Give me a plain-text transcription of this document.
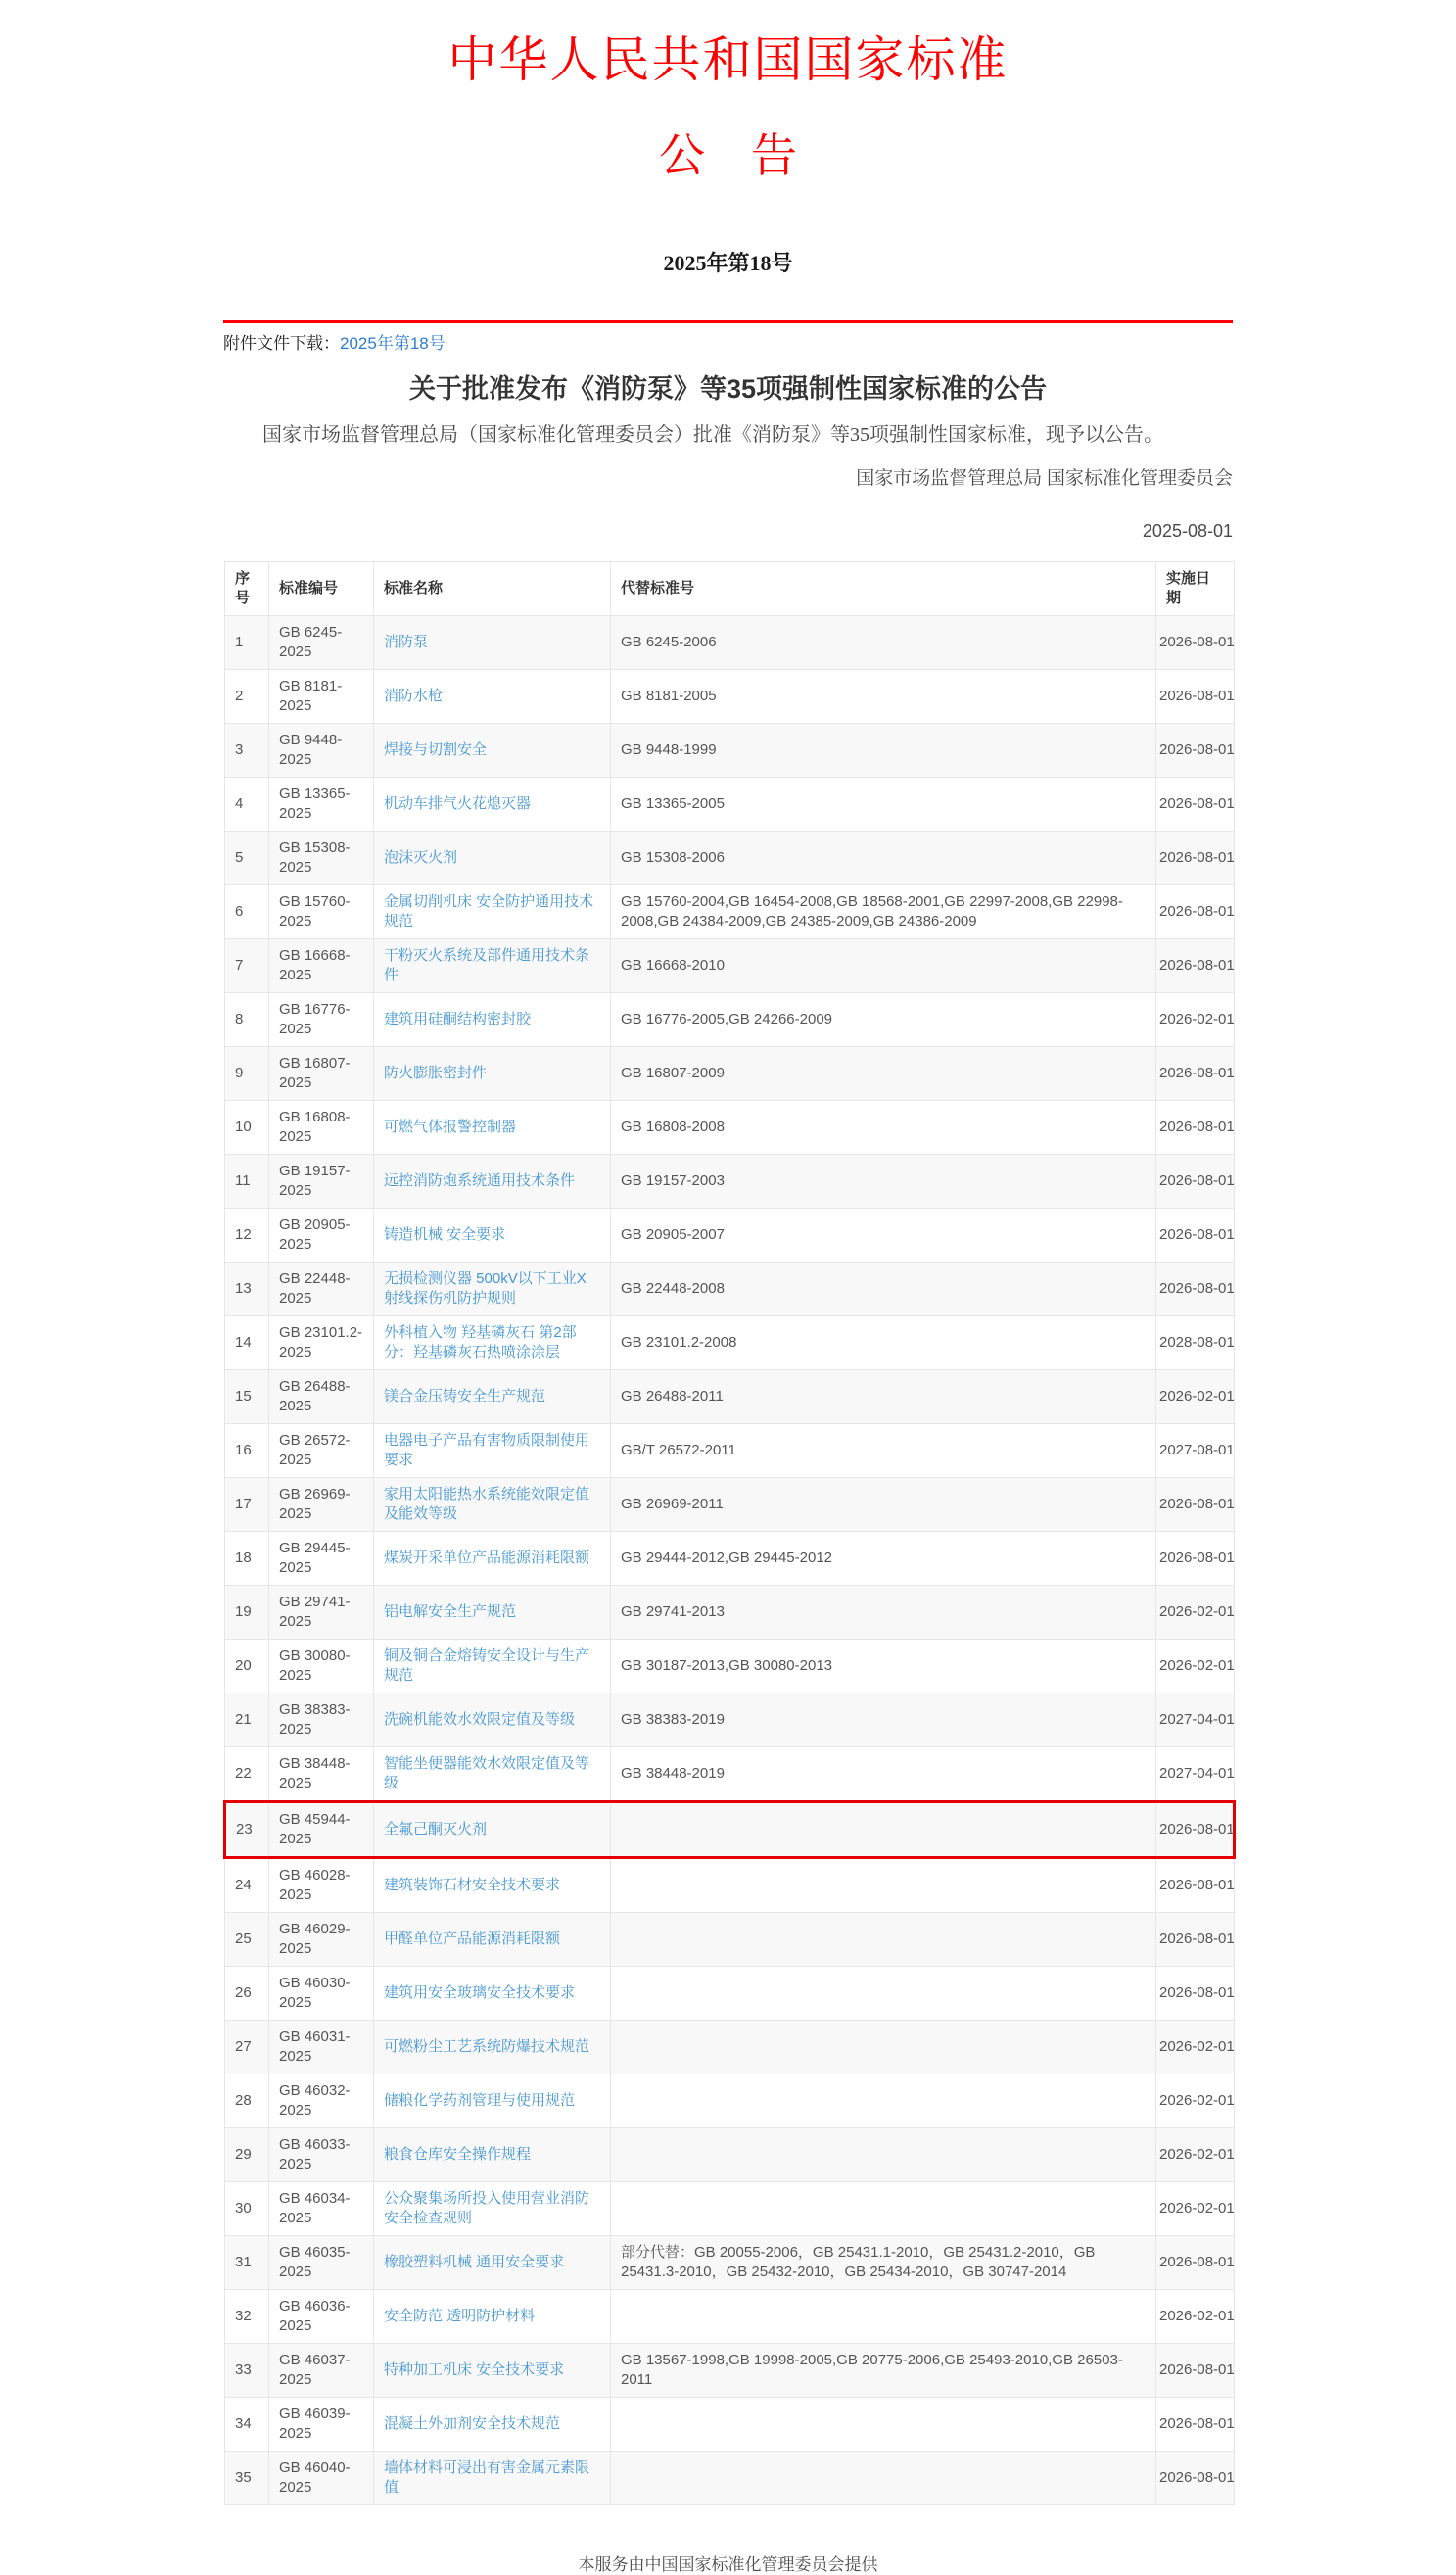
中华人民共和国国家标准
公　告
2025年第18号
附件文件下载：2025年第18号
关于批准发布《消防泵》等35项强制性国家标准的公告

国家市场监督管理总局（国家标准化管理委员会）批准《消防泵》等35项强制性国家标准，现予以公告。

国家市场监督管理总局 国家标准化管理委员会
2025-08-01
序号	标准编号	标准名称	代替标准号	实施日期
1	GB 6245-2025	消防泵	GB 6245-2006	2026-08-01
2	GB 8181-2025	消防水枪	GB 8181-2005	2026-08-01
3	GB 9448-2025	焊接与切割安全	GB 9448-1999	2026-08-01
4	GB 13365-2025	机动车排气火花熄灭器	GB 13365-2005	2026-08-01
5	GB 15308-2025	泡沫灭火剂	GB 15308-2006	2026-08-01
6	GB 15760-2025	金属切削机床 安全防护通用技术规范	GB 15760-2004,GB 16454-2008,GB 18568-2001,GB 22997-2008,GB 22998-2008,GB 24384-2009,GB 24385-2009,GB 24386-2009	2026-08-01
7	GB 16668-2025	干粉灭火系统及部件通用技术条件	GB 16668-2010	2026-08-01
8	GB 16776-2025	建筑用硅酮结构密封胶	GB 16776-2005,GB 24266-2009	2026-02-01
9	GB 16807-2025	防火膨胀密封件	GB 16807-2009	2026-08-01
10	GB 16808-2025	可燃气体报警控制器	GB 16808-2008	2026-08-01
11	GB 19157-2025	远控消防炮系统通用技术条件	GB 19157-2003	2026-08-01
12	GB 20905-2025	铸造机械 安全要求	GB 20905-2007	2026-08-01
13	GB 22448-2025	无损检测仪器 500kV以下工业X射线探伤机防护规则	GB 22448-2008	2026-08-01
14	GB 23101.2-2025	外科植入物 羟基磷灰石 第2部分：羟基磷灰石热喷涂涂层	GB 23101.2-2008	2028-08-01
15	GB 26488-2025	镁合金压铸安全生产规范	GB 26488-2011	2026-02-01
16	GB 26572-2025	电器电子产品有害物质限制使用要求	GB/T 26572-2011	2027-08-01
17	GB 26969-2025	家用太阳能热水系统能效限定值及能效等级	GB 26969-2011	2026-08-01
18	GB 29445-2025	煤炭开采单位产品能源消耗限额	GB 29444-2012,GB 29445-2012	2026-08-01
19	GB 29741-2025	铝电解安全生产规范	GB 29741-2013	2026-02-01
20	GB 30080-2025	铜及铜合金熔铸安全设计与生产规范	GB 30187-2013,GB 30080-2013	2026-02-01
21	GB 38383-2025	洗碗机能效水效限定值及等级	GB 38383-2019	2027-04-01
22	GB 38448-2025	智能坐便器能效水效限定值及等级	GB 38448-2019	2027-04-01
23	GB 45944-2025	全氟己酮灭火剂		2026-08-01
24	GB 46028-2025	建筑装饰石材安全技术要求		2026-08-01
25	GB 46029-2025	甲醛单位产品能源消耗限额		2026-08-01
26	GB 46030-2025	建筑用安全玻璃安全技术要求		2026-08-01
27	GB 46031-2025	可燃粉尘工艺系统防爆技术规范		2026-02-01
28	GB 46032-2025	储粮化学药剂管理与使用规范		2026-02-01
29	GB 46033-2025	粮食仓库安全操作规程		2026-02-01
30	GB 46034-2025	公众聚集场所投入使用营业消防安全检查规则		2026-02-01
31	GB 46035-2025	橡胶塑料机械 通用安全要求	部分代替：GB 20055-2006，GB 25431.1-2010，GB 25431.2-2010，GB 25431.3-2010，GB 25432-2010，GB 25434-2010，GB 30747-2014	2026-08-01
32	GB 46036-2025	安全防范 透明防护材料		2026-02-01
33	GB 46037-2025	特种加工机床 安全技术要求	GB 13567-1998,GB 19998-2005,GB 20775-2006,GB 25493-2010,GB 26503-2011	2026-08-01
34	GB 46039-2025	混凝土外加剂安全技术规范		2026-08-01
35	GB 46040-2025	墙体材料可浸出有害金属元素限值		2026-08-01
本服务由中国国家标准化管理委员会提供
